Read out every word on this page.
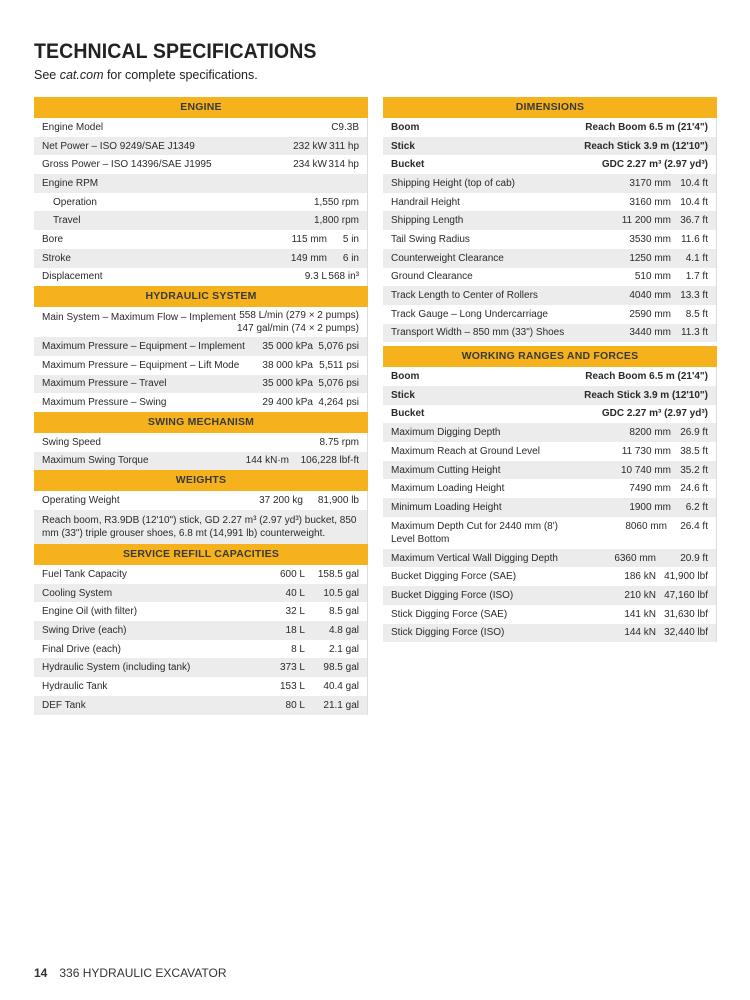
TECHNICAL SPECIFICATIONS
See cat.com for complete specifications.
ENGINE
Engine Model	C9.3B
Net Power – ISO 9249/SAE J1349	232 kW 311 hp
Gross Power – ISO 14396/SAE J1995	234 kW 314 hp
Engine RPM
Operation	1,550 rpm
Travel	1,800 rpm
Bore	115 mm	5 in
Stroke	149 mm	6 in
Displacement	9.3 L 568 in³
HYDRAULIC SYSTEM
Main System – Maximum Flow – Implement 558 L/min (279 × 2 pumps)
147 gal/min (74 × 2 pumps)
Maximum Pressure – Equipment – Implement	35 000 kPa 5,076 psi
Maximum Pressure – Equipment – Lift Mode	38 000 kPa 5,511 psi
Maximum Pressure – Travel	35 000 kPa 5,076 psi
Maximum Pressure – Swing	29 400 kPa 4,264 psi
SWING MECHANISM
Swing Speed	8.75 rpm
Maximum Swing Torque	144 kN·m	106,228 lbf-ft
WEIGHTS
Operating Weight	37 200 kg	81,900 lb
Reach boom, R3.9DB (12'10") stick, GD 2.27 m³ (2.97 yd³) bucket, 850 mm (33") triple grouser shoes, 6.8 mt (14,991 lb) counterweight.
SERVICE REFILL CAPACITIES
Fuel Tank Capacity	600 L	158.5 gal
Cooling System	40 L	10.5 gal
Engine Oil (with filter)	32 L	8.5 gal
Swing Drive (each)	18 L	4.8 gal
Final Drive (each)	8 L	2.1 gal
Hydraulic System (including tank)	373 L	98.5 gal
Hydraulic Tank	153 L	40.4 gal
DEF Tank	80 L	21.1 gal
DIMENSIONS
Boom	Reach Boom 6.5 m (21'4")
Stick	Reach Stick 3.9 m (12'10")
Bucket	GDC 2.27 m³ (2.97 yd³)
Shipping Height (top of cab)	3170 mm 10.4 ft
Handrail Height	3160 mm 10.4 ft
Shipping Length	11 200 mm 36.7 ft
Tail Swing Radius	3530 mm 11.6 ft
Counterweight Clearance	1250 mm	4.1 ft
Ground Clearance	510 mm	1.7 ft
Track Length to Center of Rollers	4040 mm 13.3 ft
Track Gauge – Long Undercarriage	2590 mm	8.5 ft
Transport Width – 850 mm (33") Shoes	3440 mm 11.3 ft
WORKING RANGES AND FORCES
Boom	Reach Boom 6.5 m (21'4")
Stick	Reach Stick 3.9 m (12'10")
Bucket	GDC 2.27 m³ (2.97 yd³)
Maximum Digging Depth	8200 mm 26.9 ft
Maximum Reach at Ground Level	11 730 mm 38.5 ft
Maximum Cutting Height	10 740 mm 35.2 ft
Maximum Loading Height	7490 mm 24.6 ft
Minimum Loading Height	1900 mm	6.2 ft
Maximum Depth Cut for 2440 mm (8')
Level Bottom
8060 mm	26.4 ft
Maximum Vertical Wall Digging Depth	6360 mm	20.9 ft
Bucket Digging Force (SAE)	186 kN 41,900 lbf
Bucket Digging Force (ISO)	210 kN 47,160 lbf
Stick Digging Force (SAE)	141 kN 31,630 lbf
Stick Digging Force (ISO)	144 kN 32,440 lbf
14 336 HYDRAULIC EXCAVATOR
